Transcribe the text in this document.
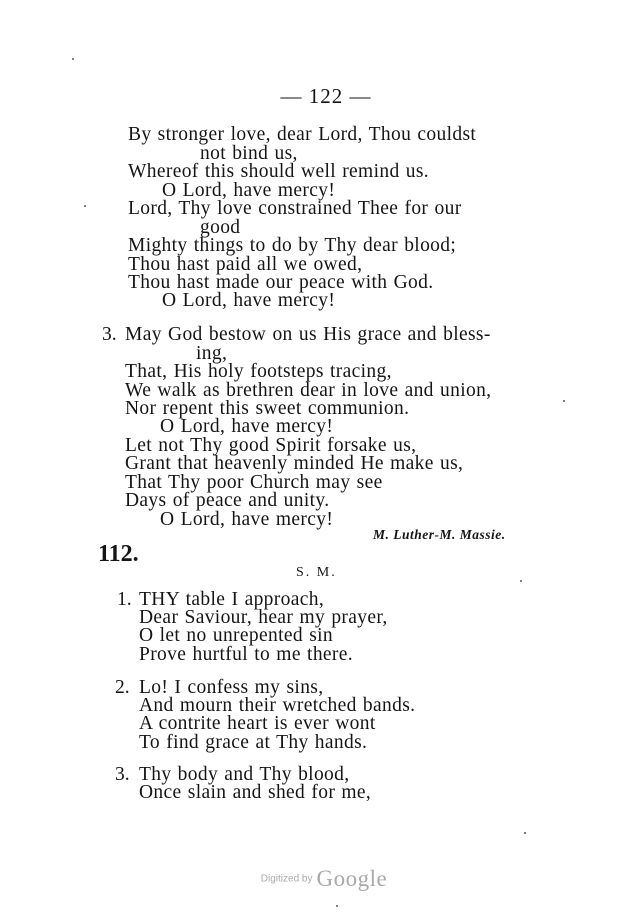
— 122 —
By stronger love, dear Lord, Thou couldst
not bind us,
Whereof this should well remind us.
O Lord, have mercy!
Lord, Thy love constrained Thee for our
good
Mighty things to do by Thy dear blood;
Thou hast paid all we owed,
Thou hast made our peace with God.
O Lord, have mercy!
3. May God bestow on us His grace and bless-
ing,
That, His holy footsteps tracing,
We walk as brethren dear in love and union,
Nor repent this sweet communion.
O Lord, have mercy!
Let not Thy good Spirit forsake us,
Grant that heavenly minded He make us,
That Thy poor Church may see
Days of peace and unity.
O Lord, have mercy!
M. Luther-M. Massie.
112.
S. M.
1. THY table I approach,
Dear Saviour, hear my prayer,
O let no unrepented sin
Prove hurtful to me there.
2. Lo! I confess my sins,
And mourn their wretched bands.
A contrite heart is ever wont
To find grace at Thy hands.
3. Thy body and Thy blood,
Once slain and shed for me,
Digitized by Google
